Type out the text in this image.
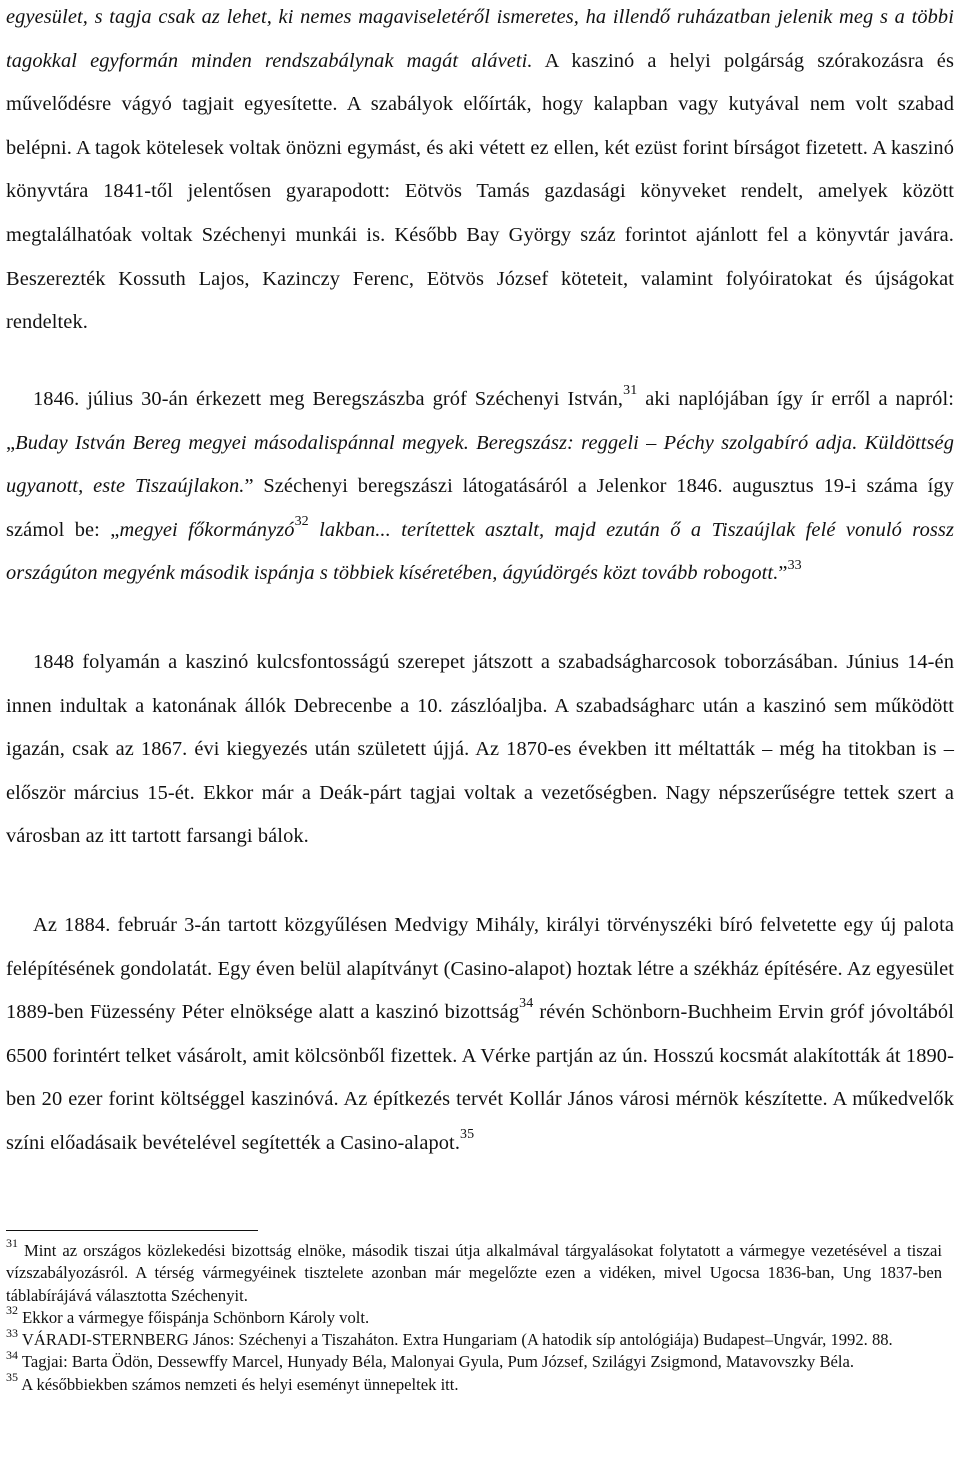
egyesület, s tagja csak az lehet, ki nemes magaviseletéről ismeretes, ha illendő ruházatban jelenik meg s a többi tagokkal egyformán minden rendszabálynak magát aláveti. A kaszinó a helyi polgárság szórakozásra és művelődésre vágyó tagjait egyesítette. A szabályok előírták, hogy kalapban vagy kutyával nem volt szabad belépni. A tagok kötelesek voltak önözni egymást, és aki vétett ez ellen, két ezüst forint bírságot fizetett. A kaszinó könyvtára 1841-től jelentősen gyarapodott: Eötvös Tamás gazdasági könyveket rendelt, amelyek között megtalálhatóak voltak Széchenyi munkái is. Később Bay György száz forintot ajánlott fel a könyvtár javára. Beszerezték Kossuth Lajos, Kazinczy Ferenc, Eötvös József köteteit, valamint folyóiratokat és újságokat rendeltek.

1846. július 30-án érkezett meg Beregszászba gróf Széchenyi István,$^{31}$ aki naplójában így ír erről a napról: „Buday István Bereg megyei másodalispánnal megyek. Beregszász: reggeli – Péchy szolgabíró adja. Küldöttség ugyanott, este Tiszaújlakon.” Széchenyi beregszászi látogatásáról a Jelenkor 1846. augusztus 19-i száma így számol be: „megyei főkormányzó$^{32}$ lakban... terítettek asztalt, majd ezután ő a Tiszaújlak felé vonuló rossz országúton megyénk második ispánja s többiek kíséretében, ágyúdörgés közt tovább robogott.”$^{33}$

1848 folyamán a kaszinó kulcsfontosságú szerepet játszott a szabadságharcosok toborzásában. Június 14-én innen indultak a katonának állók Debrecenbe a 10. zászlóaljba. A szabadságharc után a kaszinó sem működött igazán, csak az 1867. évi kiegyezés után született újjá. Az 1870-es években itt méltatták – még ha titokban is – először március 15-ét. Ekkor már a Deák-párt tagjai voltak a vezetőségben. Nagy népszerűségre tettek szert a városban az itt tartott farsangi bálok.

Az 1884. február 3-án tartott közgyűlésen Medvigy Mihály, királyi törvényszéki bíró felvetette egy új palota felépítésének gondolatát. Egy éven belül alapítványt (Casino-alapot) hoztak létre a székház építésére. Az egyesület 1889-ben Füzessény Péter elnöksége alatt a kaszinó bizottság$^{34}$ révén Schönborn-Buchheim Ervin gróf jóvoltából 6500 forintért telket vásárolt, amit kölcsönből fizettek. A Vérke partján az ún. Hosszú kocsmát alakították át 1890-ben 20 ezer forint költséggel kaszinóvá. Az építkezés tervét Kollár János városi mérnök készítette. A műkedvelők színi előadásaik bevételével segítették a Casino-alapot.$^{35}$

$^{31}$ Mint az országos közlekedési bizottság elnöke, második tiszai útja alkalmával tárgyalásokat folytatott a vármegye vezetésével a tiszai vízszabályozásról. A térség vármegyéinek tisztelete azonban már megelőzte ezen a vidéken, mivel Ugocsa 1836-ban, Ung 1837-ben táblabírájává választotta Széchenyit.

$^{32}$ Ekkor a vármegye főispánja Schönborn Károly volt.

$^{33}$ VÁRADI-STERNBERG János: Széchenyi a Tiszaháton. Extra Hungariam (A hatodik síp antológiája) Budapest–Ungvár, 1992. 88.

$^{34}$ Tagjai: Barta Ödön, Dessewffy Marcel, Hunyady Béla, Malonyai Gyula, Pum József, Szilágyi Zsigmond, Matavovszky Béla.

$^{35}$ A későbbiekben számos nemzeti és helyi eseményt ünnepeltek itt.
